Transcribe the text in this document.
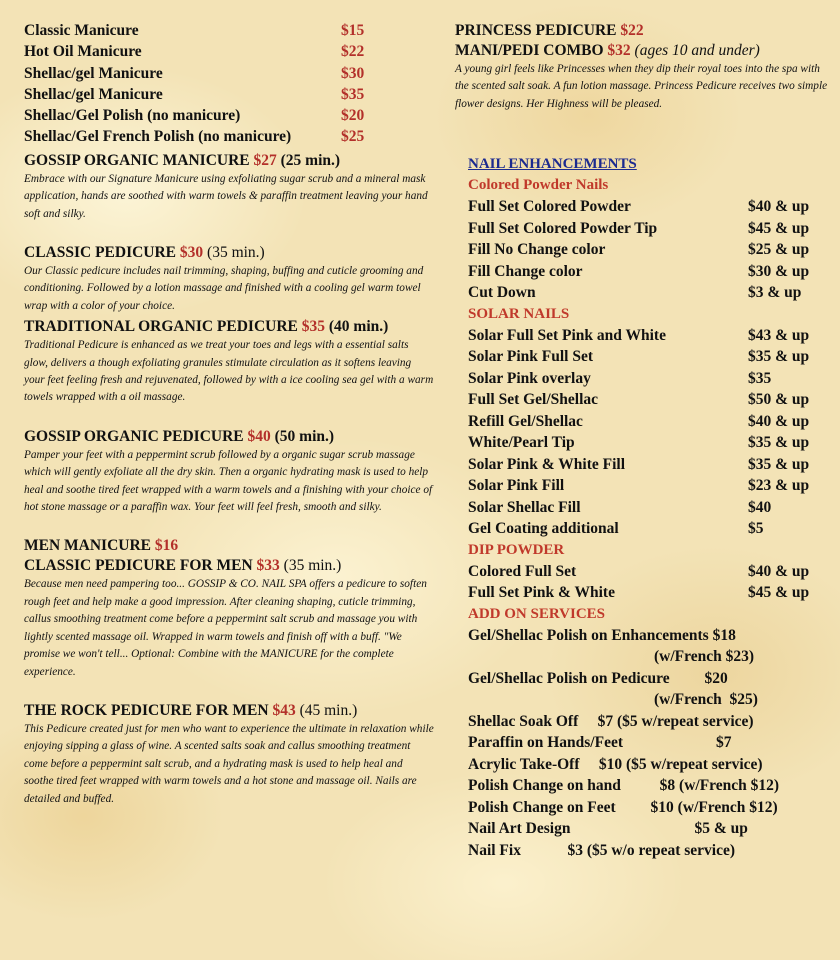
Classic Manicure	$15
Hot Oil Manicure	$22
Shellac/gel Manicure	$30
Shellac/gel Manicure	$35
Shellac/Gel Polish (no manicure)	$20
Shellac/Gel French Polish (no manicure)	$25
GOSSIP ORGANIC MANICURE $27 (25 min.)

Embrace with our Signature Manicure using exfoliating sugar scrub and a mineral mask application, hands are soothed with warm towels & paraffin treatment leaving your hand soft and silky.

CLASSIC PEDICURE $30 (35 min.)

Our Classic pedicure includes nail trimming, shaping, buffing and cuticle grooming and conditioning. Followed by a lotion massage and finished with a cooling gel warm towel wrap with a color of your choice.

TRADITIONAL ORGANIC PEDICURE $35 (40 min.)

Traditional Pedicure is enhanced as we treat your toes and legs with a essential salts glow, delivers a though exfoliating granules stimulate circulation as it softens leaving your feet feeling fresh and rejuvenated, followed by with a ice cooling sea gel with a warm towels wrapped with a oil massage.

GOSSIP ORGANIC PEDICURE $40 (50 min.)

Pamper your feet with a peppermint scrub followed by a organic sugar scrub massage which will gently exfoliate all the dry skin. Then a organic hydrating mask is used to help heal and soothe tired feet wrapped with a warm towels and a finishing with your choice of hot stone massage or a paraffin wax. Your feet will feel fresh, smooth and silky.

MEN MANICURE $16
CLASSIC PEDICURE FOR MEN $33 (35 min.)

Because men need pampering too... GOSSIP & CO. NAIL SPA offers a pedicure to soften rough feet and help make a good impression. After cleaning shaping, cuticle trimming, callus smoothing treatment come before a peppermint salt scrub and massage you with lightly scented massage oil. Wrapped in warm towels and finish off with a buff. "We promise we won't tell... Optional: Combine with the MANICURE for the complete experience.

THE ROCK PEDICURE FOR MEN $43 (45 min.)

This Pedicure created just for men who want to experience the ultimate in relaxation while enjoying sipping a glass of wine. A scented salts soak and callus smoothing treatment come before a peppermint salt scrub, and a hydrating mask is used to help heal and soothe tired feet wrapped with warm towels and a hot stone and massage oil. Nails are detailed and buffed.

PRINCESS PEDICURE $22
MANI/PEDI COMBO $32 (ages 10 and under)

A young girl feels like Princesses when they dip their royal toes into the spa with the scented salt soak. A fun lotion massage. Princess Pedicure receives two simple flower designs. Her Highness will be pleased.

NAIL ENHANCEMENTS
Colored Powder Nails
Full Set Colored Powder	$40 & up
Full Set Colored Powder Tip	$45 & up
Fill No Change color	$25 & up
Fill Change color	$30 & up
Cut Down	$3 & up
SOLAR NAILS
Solar Full Set Pink and White	$43 & up
Solar Pink Full Set	$35 & up
Solar Pink overlay	$35
Full Set Gel/Shellac	$50 & up
Refill Gel/Shellac	$40 & up
White/Pearl Tip	$35 & up
Solar Pink & White Fill	$35 & up
Solar Pink Fill	$23 & up
Solar Shellac Fill	$40
Gel Coating additional	$5
DIP POWDER
Colored Full Set	$40 & up
Full Set Pink & White	$45 & up
ADD ON SERVICES
Gel/Shellac Polish on Enhancements $18
(w/French $23)
Gel/Shellac Polish on Pedicure         $20
(w/French  $25)
Shellac Soak Off     $7 ($5 w/repeat service)
Paraffin on Hands/Feet                        $7
Acrylic Take-Off     $10 ($5 w/repeat service)
Polish Change on hand          $8 (w/French $12)
Polish Change on Feet         $10 (w/French $12)
Nail Art Design                                $5 & up
Nail Fix            $3 ($5 w/o repeat service)
